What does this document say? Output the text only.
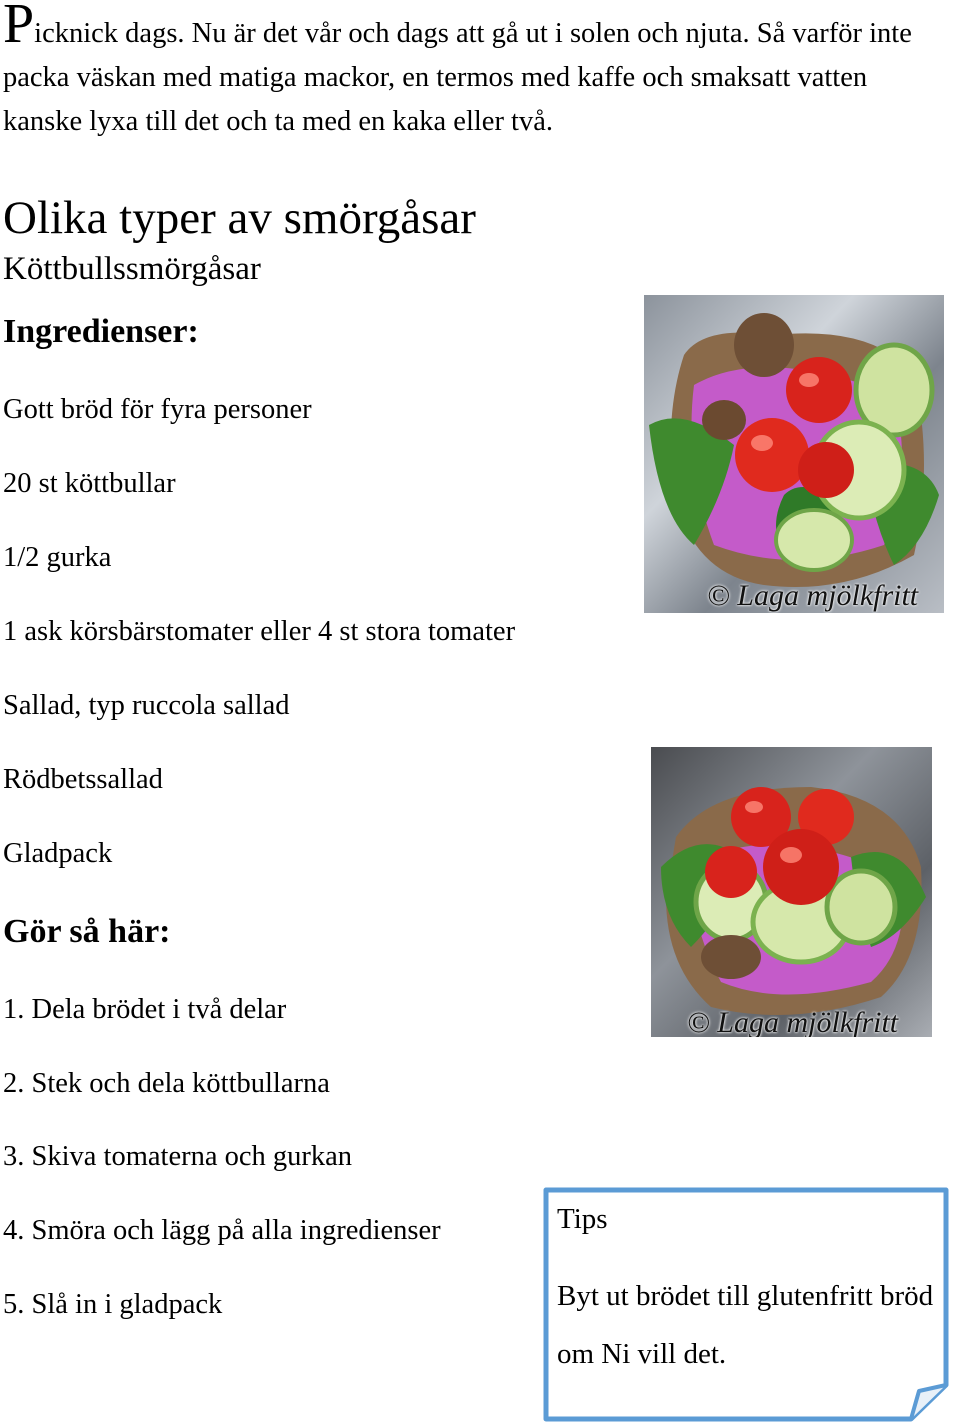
Picknick dags. Nu är det vår och dags att gå ut i solen och njuta. Så varför inte packa väskan med matiga mackor, en termos med kaffe och smaksatt vatten kanske lyxa till det och ta med en kaka eller två.

Olika typer av smörgåsar
Köttbullssmörgåsar
Ingredienser:
Gott bröd för fyra personer
20 st köttbullar
1/2 gurka
1 ask körsbärstomater eller 4 st stora tomater
Sallad, typ ruccola sallad
Rödbetssallad
Gladpack
Gör så här:
1. Dela brödet i två delar
2. Stek och dela köttbullarna
3. Skiva tomaterna och gurkan
4. Smöra och lägg på alla ingredienser
5. Slå in i gladpack
© Laga mjölkfritt
© Laga mjölkfritt
Tips
Byt ut brödet till glutenfritt bröd om Ni vill det.
